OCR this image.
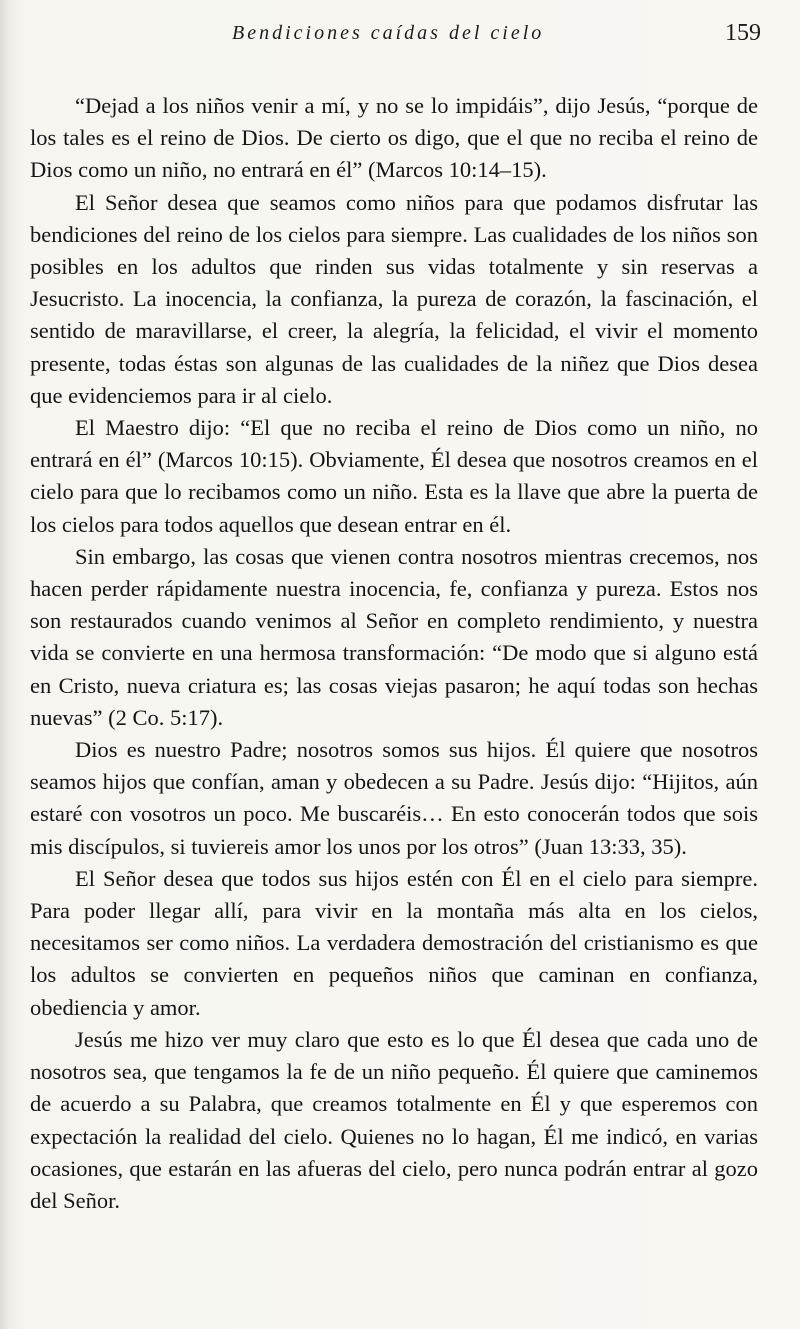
Bendiciones caídas del cielo	159

“Dejad a los niños venir a mí, y no se lo impidáis”, dijo Jesús, “porque de los tales es el reino de Dios. De cierto os digo, que el que no reciba el reino de Dios como un niño, no entrará en él” (Marcos 10:14–15).

El Señor desea que seamos como niños para que podamos disfrutar las bendiciones del reino de los cielos para siempre. Las cualidades de los niños son posibles en los adultos que rinden sus vidas totalmente y sin reservas a Jesucristo. La inocencia, la confianza, la pureza de corazón, la fascinación, el sentido de maravillarse, el creer, la alegría, la felicidad, el vivir el momento presente, todas éstas son algunas de las cualidades de la niñez que Dios desea que evidenciemos para ir al cielo.

El Maestro dijo: “El que no reciba el reino de Dios como un niño, no entrará en él” (Marcos 10:15). Obviamente, Él desea que nosotros creamos en el cielo para que lo recibamos como un niño. Esta es la llave que abre la puerta de los cielos para todos aquellos que desean entrar en él.

Sin embargo, las cosas que vienen contra nosotros mientras crecemos, nos hacen perder rápidamente nuestra inocencia, fe, confianza y pureza. Estos nos son restaurados cuando venimos al Señor en completo rendimiento, y nuestra vida se convierte en una hermosa transformación: “De modo que si alguno está en Cristo, nueva criatura es; las cosas viejas pasaron; he aquí todas son hechas nuevas” (2 Co. 5:17).

Dios es nuestro Padre; nosotros somos sus hijos. Él quiere que nosotros seamos hijos que confían, aman y obedecen a su Padre. Jesús dijo: “Hijitos, aún estaré con vosotros un poco. Me buscaréis… En esto conocerán todos que sois mis discípulos, si tuviereis amor los unos por los otros” (Juan 13:33, 35).

El Señor desea que todos sus hijos estén con Él en el cielo para siempre. Para poder llegar allí, para vivir en la montaña más alta en los cielos, necesitamos ser como niños. La verdadera demostración del cristianismo es que los adultos se convierten en pequeños niños que caminan en confianza, obediencia y amor.

Jesús me hizo ver muy claro que esto es lo que Él desea que cada uno de nosotros sea, que tengamos la fe de un niño pequeño. Él quiere que caminemos de acuerdo a su Palabra, que creamos totalmente en Él y que esperemos con expectación la realidad del cielo. Quienes no lo hagan, Él me indicó, en varias ocasiones, que estarán en las afueras del cielo, pero nunca podrán entrar al gozo del Señor.
